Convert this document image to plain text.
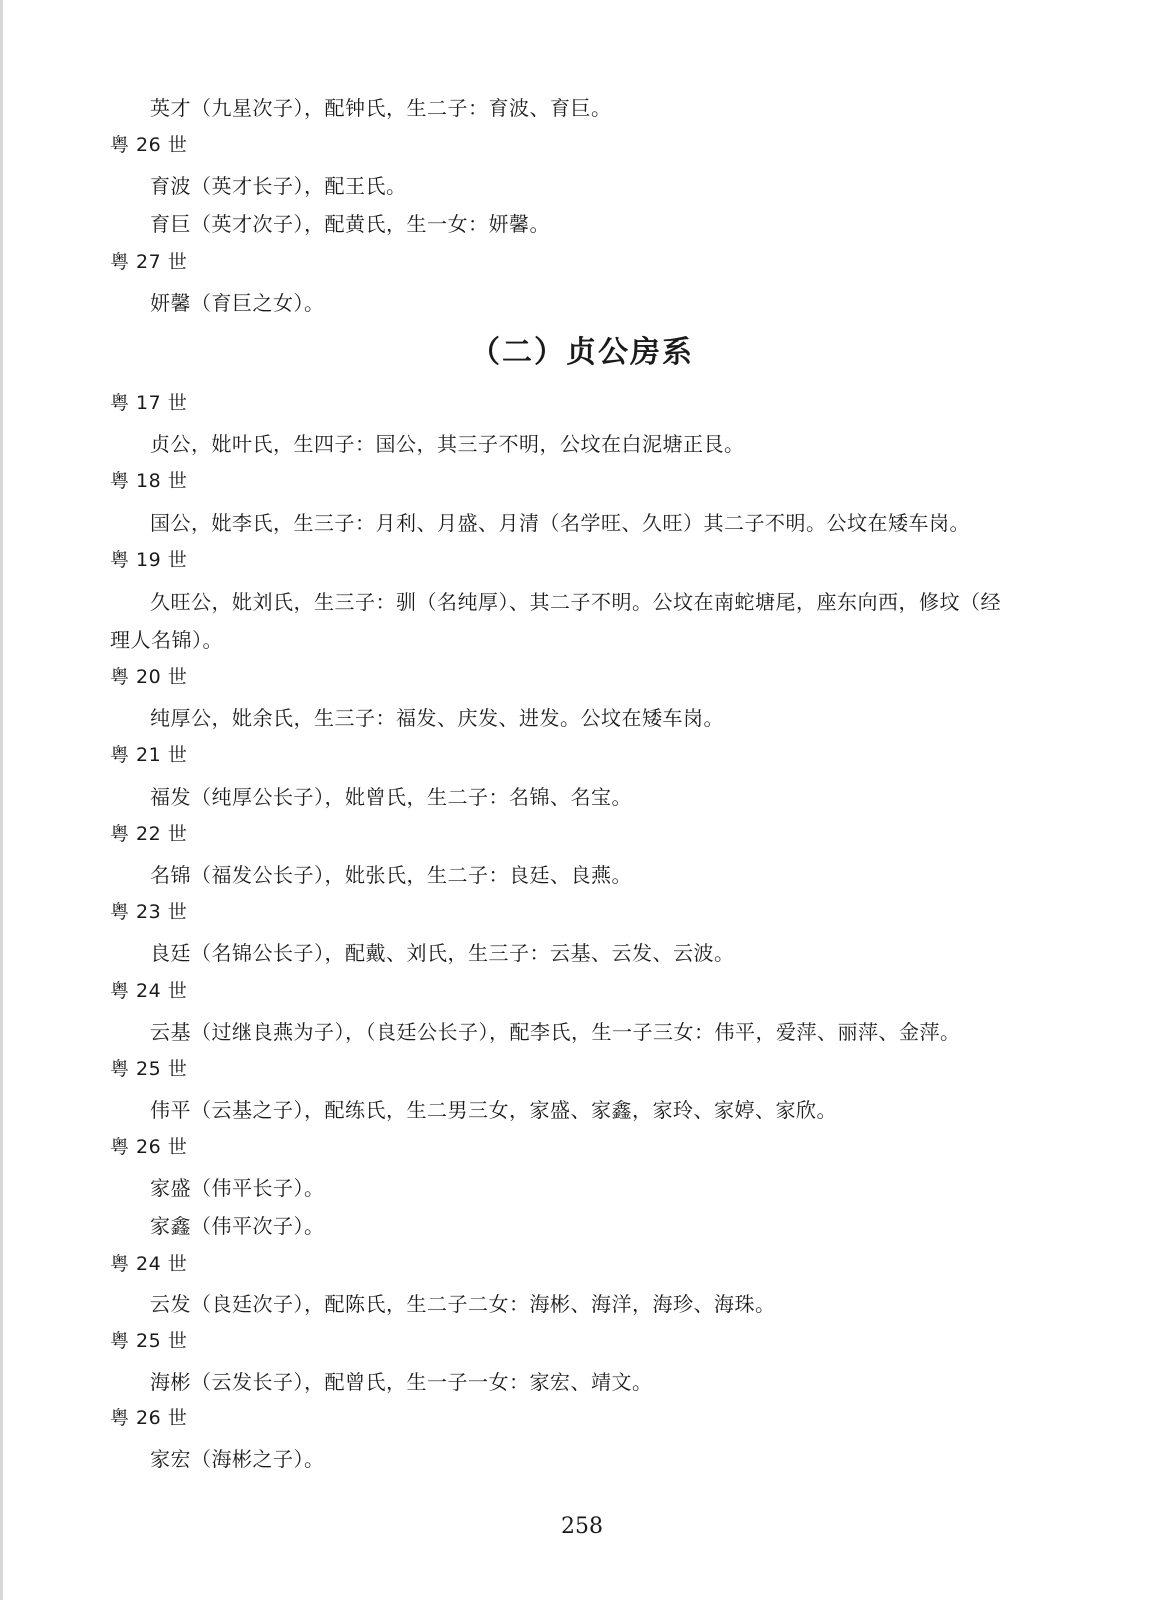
英才（九星次子），配钟氏，生二子：育波、育巨。
粤 26 世
育波（英才长子），配王氏。
育巨（英才次子），配黄氏，生一女：妍馨。
粤 27 世
妍馨（育巨之女）。
（二）贞公房系
粤 17 世
贞公，妣叶氏，生四子：国公，其三子不明，公坟在白泥塘正艮。
粤 18 世
国公，妣李氏，生三子：月利、月盛、月清（名学旺、久旺）其二子不明。公坟在矮车岗。
粤 19 世
久旺公，妣刘氏，生三子：驯（名纯厚）、其二子不明。公坟在南蛇塘尾，座东向西，修坟（经
理人名锦）。
粤 20 世
纯厚公，妣余氏，生三子：福发、庆发、进发。公坟在矮车岗。
粤 21 世
福发（纯厚公长子），妣曾氏，生二子：名锦、名宝。
粤 22 世
名锦（福发公长子），妣张氏，生二子：良廷、良燕。
粤 23 世
良廷（名锦公长子），配戴、刘氏，生三子：云基、云发、云波。
粤 24 世
云基（过继良燕为子），（良廷公长子），配李氏，生一子三女：伟平，爱萍、丽萍、金萍。
粤 25 世
伟平（云基之子），配练氏，生二男三女，家盛、家鑫，家玲、家婷、家欣。
粤 26 世
家盛（伟平长子）。
家鑫（伟平次子）。
粤 24 世
云发（良廷次子），配陈氏，生二子二女：海彬、海洋，海珍、海珠。
粤 25 世
海彬（云发长子），配曾氏，生一子一女：家宏、靖文。
粤 26 世
家宏（海彬之子）。
258
